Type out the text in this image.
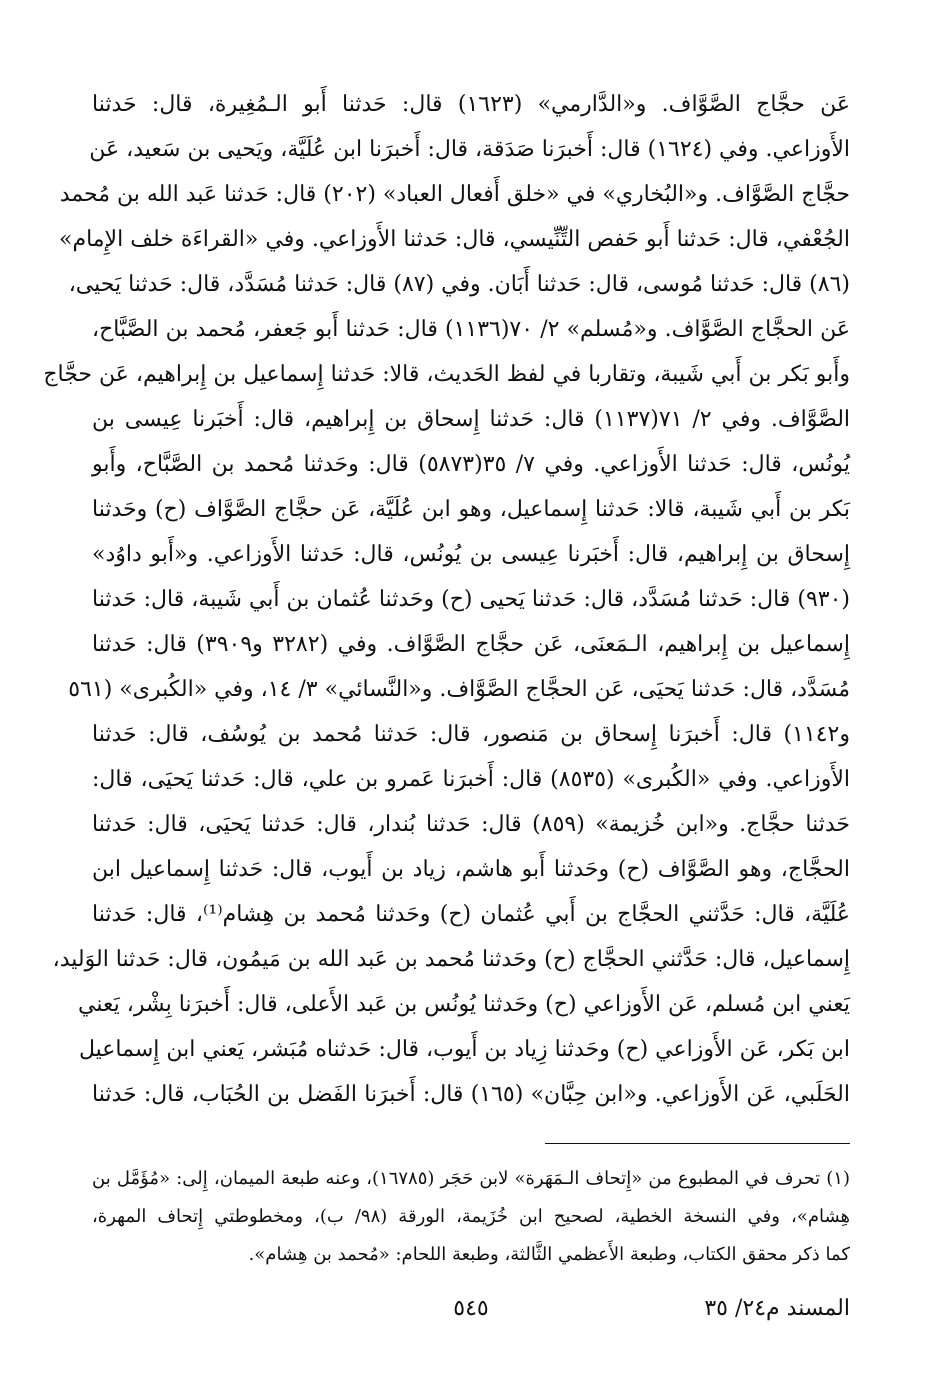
عَن حجَّاج الصَّوَّاف. و«الدَّارمي» (١٦٢٣) قال: حَدثنا أَبو الـمُغِيرة، قال: حَدثنا
الأَوزاعي. وفي (١٦٢٤) قال: أَخبرَنا صَدَقة، قال: أَخبرَنا ابن عُلَيَّة، ويَحيى بن سَعيد، عَن
حجَّاج الصَّوَّاف. و«البُخاري» في «خلق أَفعال العباد» (٢٠٢) قال: حَدثنا عَبد الله بن مُحمد
الجُعْفي، قال: حَدثنا أَبو حَفص التِّنِّيسي، قال: حَدثنا الأَوزاعي. وفي «القراءَة خلف الإِمام»
(٨٦) قال: حَدثنا مُوسى، قال: حَدثنا أَبَان. وفي (٨٧) قال: حَدثنا مُسَدَّد، قال: حَدثنا يَحيى،
عَن الحجَّاج الصَّوَّاف. و«مُسلم» ٢/ ٧٠(١١٣٦) قال: حَدثنا أَبو جَعفر، مُحمد بن الصَّبَّاح،
وأَبو بَكر بن أَبي شَيبة، وتقاربا في لفظ الحَديث، قالا: حَدثنا إِسماعيل بن إِبراهيم، عَن حجَّاج
الصَّوَّاف. وفي ٢/ ٧١(١١٣٧) قال: حَدثنا إِسحاق بن إِبراهيم، قال: أَخبَرنا عِيسى بن
يُونُس، قال: حَدثنا الأَوزاعي. وفي ٧/ ٣٥(٥٨٧٣) قال: وحَدثنا مُحمد بن الصَّبَّاح، وأَبو
بَكر بن أَبي شَيبة، قالا: حَدثنا إِسماعيل، وهو ابن عُلَيَّة، عَن حجَّاج الصَّوَّاف (ح) وحَدثنا
إِسحاق بن إِبراهيم، قال: أَخبَرنا عِيسى بن يُونُس، قال: حَدثنا الأَوزاعي. و«أَبو داوُد»
(٩٣٠) قال: حَدثنا مُسَدَّد، قال: حَدثنا يَحيى (ح) وحَدثنا عُثمان بن أَبي شَيبة، قال: حَدثنا
إِسماعيل بن إِبراهيم، الـمَعنَى، عَن حجَّاج الصَّوَّاف. وفي (٣٢٨٢ و٣٩٠٩) قال: حَدثنا
مُسَدَّد، قال: حَدثنا يَحيَى، عَن الحجَّاج الصَّوَّاف. و«النَّسائي» ٣/ ١٤، وفي «الكُبرى» (٥٦١
و١١٤٢) قال: أَخبرَنا إِسحاق بن مَنصور، قال: حَدثنا مُحمد بن يُوسُف، قال: حَدثنا
الأَوزاعي. وفي «الكُبرى» (٨٥٣٥) قال: أَخبرَنا عَمرو بن علي، قال: حَدثنا يَحيَى، قال:
حَدثنا حجَّاج. و«ابن خُزيمة» (٨٥٩) قال: حَدثنا بُندار، قال: حَدثنا يَحيَى، قال: حَدثنا
الحجَّاج، وهو الصَّوَّاف (ح) وحَدثنا أَبو هاشم، زياد بن أَيوب، قال: حَدثنا إِسماعيل ابن
عُلَيَّة، قال: حَدَّثني الحجَّاج بن أَبي عُثمان (ح) وحَدثنا مُحمد بن هِشام⁽¹⁾، قال: حَدثنا
إِسماعيل، قال: حَدَّثني الحجَّاج (ح) وحَدثنا مُحمد بن عَبد الله بن مَيمُون، قال: حَدثنا الوَليد،
يَعني ابن مُسلم، عَن الأَوزاعي (ح) وحَدثنا يُونُس بن عَبد الأَعلى، قال: أَخبرَنا بِشْر، يَعني
ابن بَكر، عَن الأَوزاعي (ح) وحَدثنا زِياد بن أَيوب، قال: حَدثناه مُبَشر، يَعني ابن إِسماعيل
الحَلَبي، عَن الأَوزاعي. و«ابن حِبَّان» (١٦٥) قال: أَخبرَنا الفَضل بن الحُبَاب، قال: حَدثنا
(١) تحرف في المطبوع من «إِتحاف الـمَهَرة» لابن حَجَر (١٦٧٨٥)، وعنه طبعة الميمان، إِلى: «مُؤَمَّل بن
هِشام»، وفي النسخة الخطية، لصحيح ابن خُزَيمة، الورقة (٩٨/ ب)، ومخطوطتي إِتحاف المهرة،
كما ذكر محقق الكتاب، وطبعة الأَعظمي الثَّالثة، وطبعة اللحام: «مُحمد بن هِشام».
المسند م٢٤/ ٣٥
٥٤٥
